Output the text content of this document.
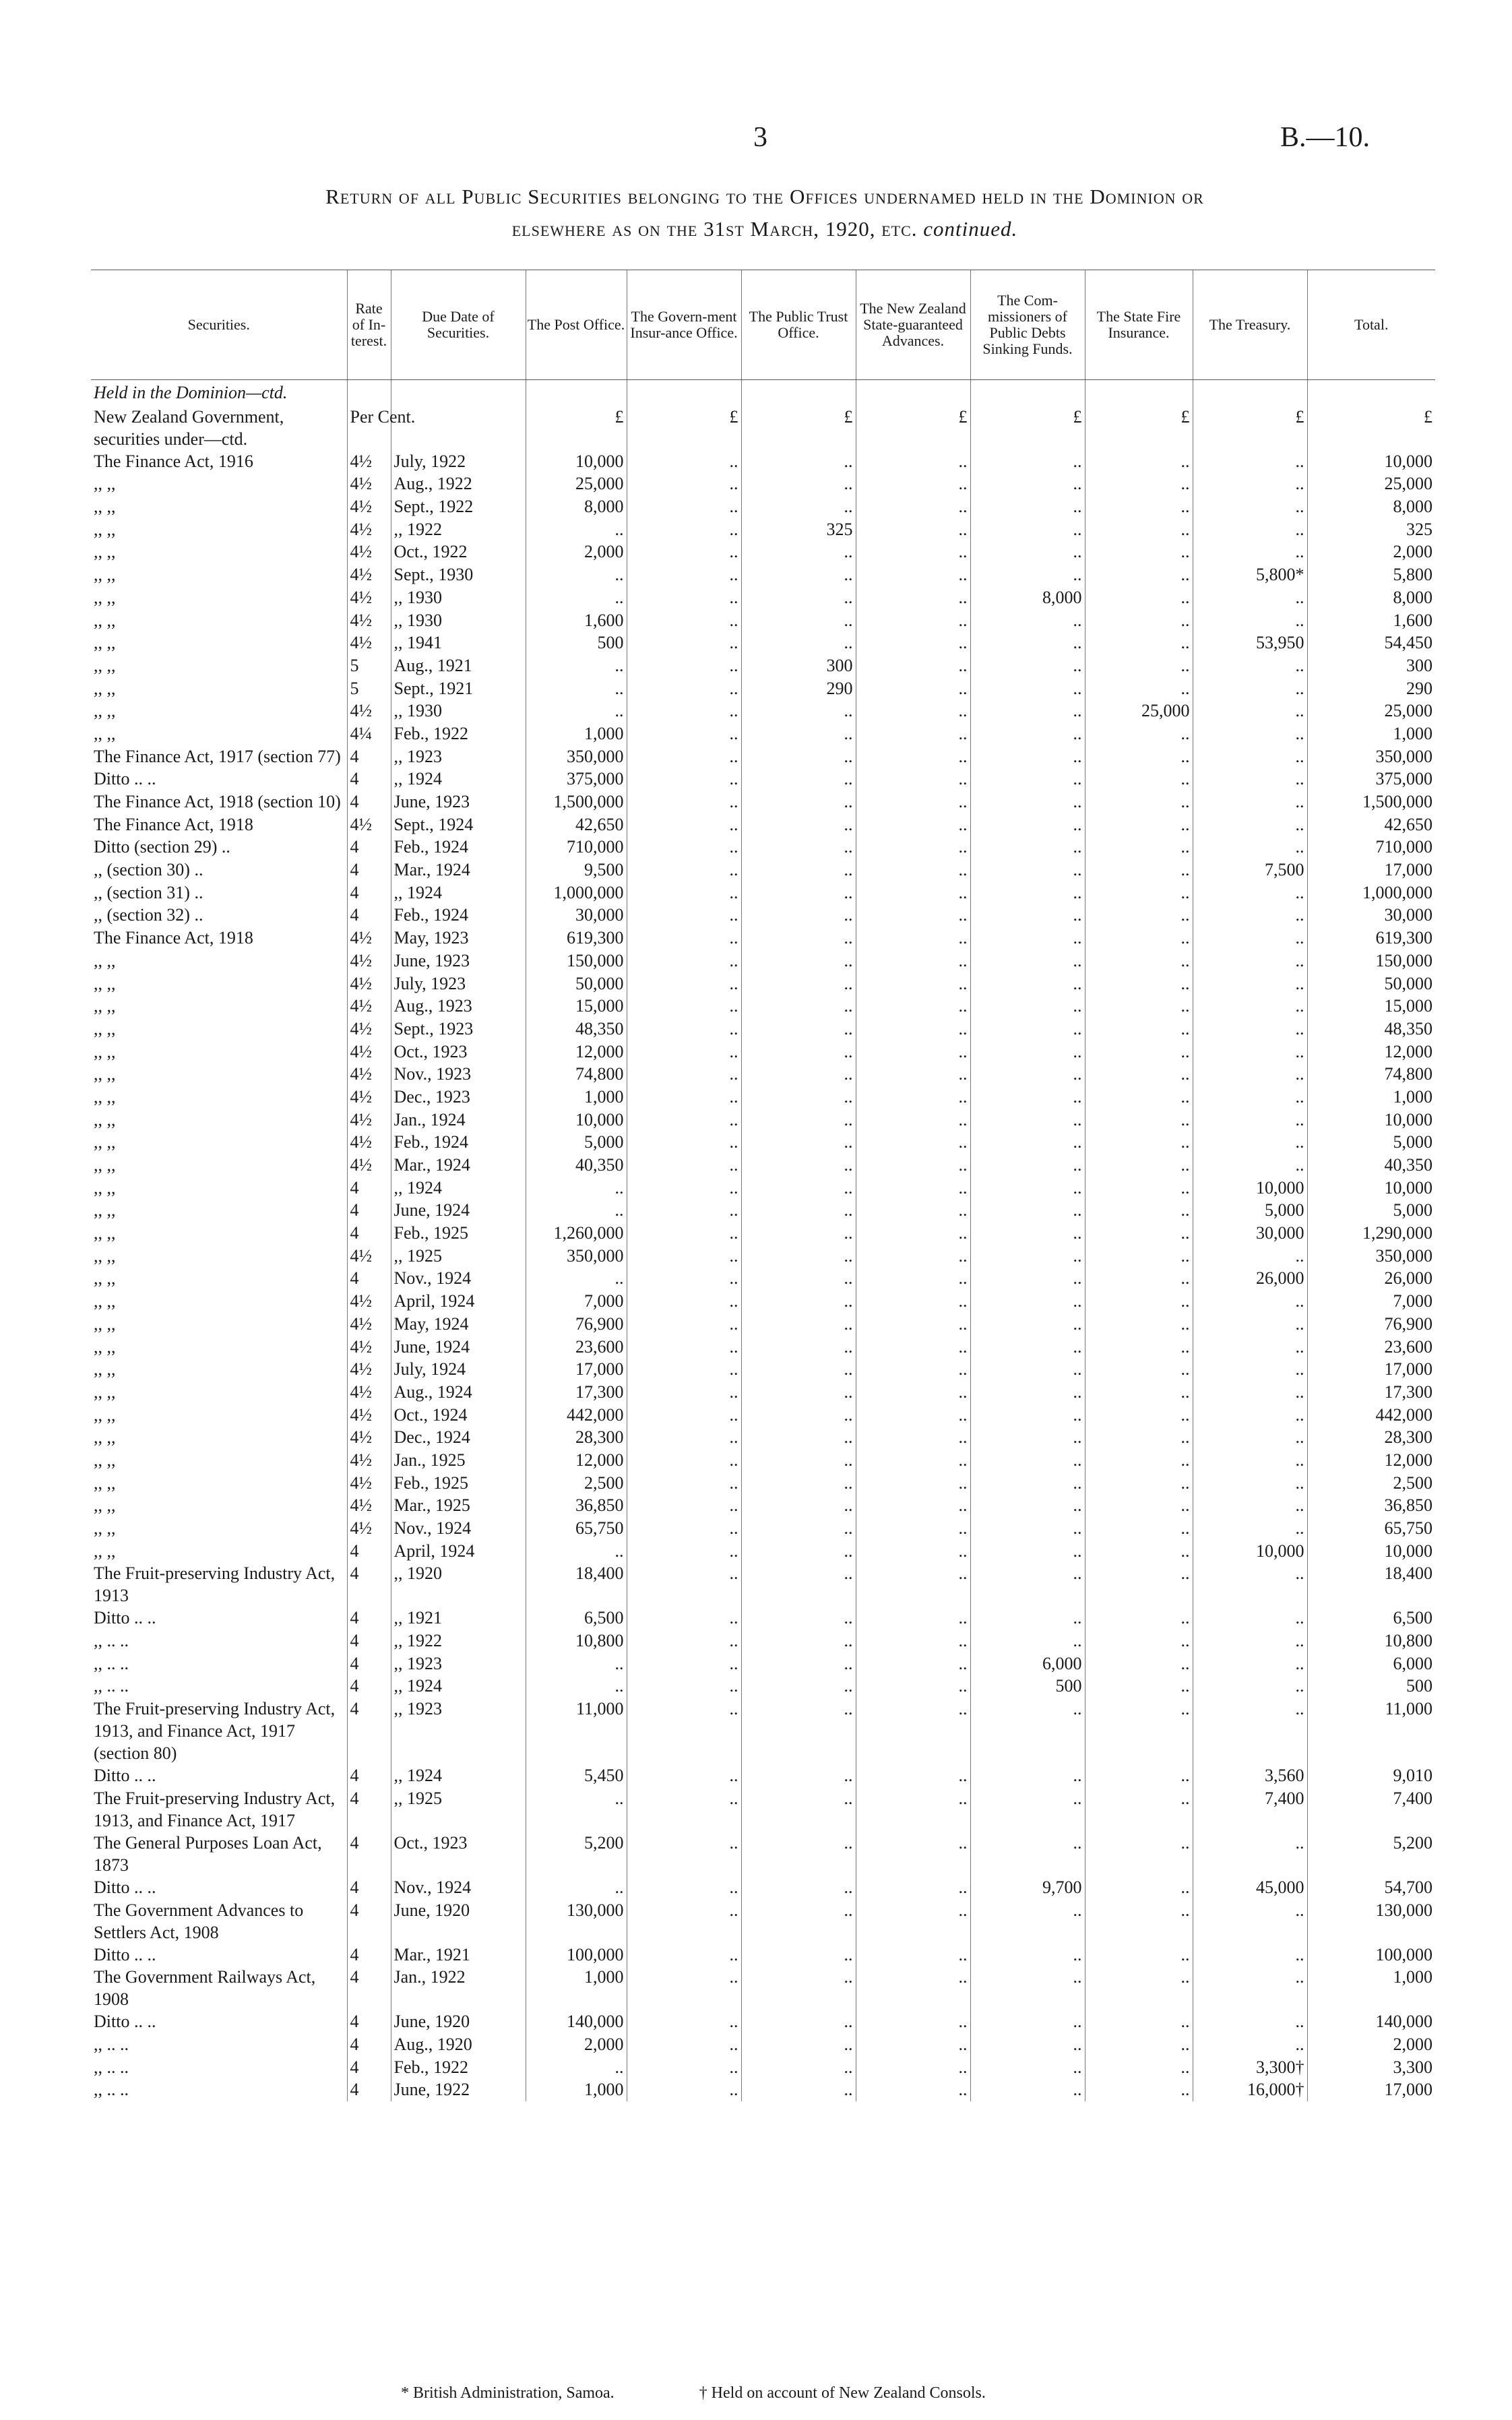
3	B.—10.
Return of all Public Securities belonging to the Offices undernamed held in the Dominion or
elsewhere as on the 31st March, 1920, etc. continued.
Securities.	Rate of In-terest.	Due Date of Securities.	The Post Office.	The Govern-ment Insur-ance Office.	The Public Trust Office.	The New Zealand State-guaranteed Advances.	The Com-missioners of Public Debts Sinking Funds.	The State Fire Insurance.	The Treasury.	Total.
Held in the Dominion—ctd.										
New Zealand Government, securities under—ctd.	Per Cent.		£	£	£	£	£	£	£	£
The Finance Act, 1916	4½	July, 1922	10,000	..	..	..	..	..	..	10,000
,, ,,	4½	Aug., 1922	25,000	..	..	..	..	..	..	25,000
,, ,,	4½	Sept., 1922	8,000	..	..	..	..	..	..	8,000
,, ,,	4½	,, 1922	..	..	325	..	..	..	..	325
,, ,,	4½	Oct., 1922	2,000	..	..	..	..	..	..	2,000
,, ,,	4½	Sept., 1930	..	..	..	..	..	..	5,800*	5,800
,, ,,	4½	,, 1930	..	..	..	..	8,000	..	..	8,000
,, ,,	4½	,, 1930	1,600	..	..	..	..	..	..	1,600
,, ,,	4½	,, 1941	500	..	..	..	..	..	53,950	54,450
,, ,,	5	Aug., 1921	..	..	300	..	..	..	..	300
,, ,,	5	Sept., 1921	..	..	290	..	..	..	..	290
,, ,,	4½	,, 1930	..	..	..	..	..	25,000	..	25,000
,, ,,	4¼	Feb., 1922	1,000	..	..	..	..	..	..	1,000
The Finance Act, 1917 (section 77)	4	,, 1923	350,000	..	..	..	..	..	..	350,000
Ditto .. ..	4	,, 1924	375,000	..	..	..	..	..	..	375,000
The Finance Act, 1918 (section 10)	4	June, 1923	1,500,000	..	..	..	..	..	..	1,500,000
The Finance Act, 1918	4½	Sept., 1924	42,650	..	..	..	..	..	..	42,650
Ditto (section 29) ..	4	Feb., 1924	710,000	..	..	..	..	..	..	710,000
,, (section 30) ..	4	Mar., 1924	9,500	..	..	..	..	..	7,500	17,000
,, (section 31) ..	4	,, 1924	1,000,000	..	..	..	..	..	..	1,000,000
,, (section 32) ..	4	Feb., 1924	30,000	..	..	..	..	..	..	30,000
The Finance Act, 1918	4½	May, 1923	619,300	..	..	..	..	..	..	619,300
,, ,,	4½	June, 1923	150,000	..	..	..	..	..	..	150,000
,, ,,	4½	July, 1923	50,000	..	..	..	..	..	..	50,000
,, ,,	4½	Aug., 1923	15,000	..	..	..	..	..	..	15,000
,, ,,	4½	Sept., 1923	48,350	..	..	..	..	..	..	48,350
,, ,,	4½	Oct., 1923	12,000	..	..	..	..	..	..	12,000
,, ,,	4½	Nov., 1923	74,800	..	..	..	..	..	..	74,800
,, ,,	4½	Dec., 1923	1,000	..	..	..	..	..	..	1,000
,, ,,	4½	Jan., 1924	10,000	..	..	..	..	..	..	10,000
,, ,,	4½	Feb., 1924	5,000	..	..	..	..	..	..	5,000
,, ,,	4½	Mar., 1924	40,350	..	..	..	..	..	..	40,350
,, ,,	4	,, 1924	..	..	..	..	..	..	10,000	10,000
,, ,,	4	June, 1924	..	..	..	..	..	..	5,000	5,000
,, ,,	4	Feb., 1925	1,260,000	..	..	..	..	..	30,000	1,290,000
,, ,,	4½	,, 1925	350,000	..	..	..	..	..	..	350,000
,, ,,	4	Nov., 1924	..	..	..	..	..	..	26,000	26,000
,, ,,	4½	April, 1924	7,000	..	..	..	..	..	..	7,000
,, ,,	4½	May, 1924	76,900	..	..	..	..	..	..	76,900
,, ,,	4½	June, 1924	23,600	..	..	..	..	..	..	23,600
,, ,,	4½	July, 1924	17,000	..	..	..	..	..	..	17,000
,, ,,	4½	Aug., 1924	17,300	..	..	..	..	..	..	17,300
,, ,,	4½	Oct., 1924	442,000	..	..	..	..	..	..	442,000
,, ,,	4½	Dec., 1924	28,300	..	..	..	..	..	..	28,300
,, ,,	4½	Jan., 1925	12,000	..	..	..	..	..	..	12,000
,, ,,	4½	Feb., 1925	2,500	..	..	..	..	..	..	2,500
,, ,,	4½	Mar., 1925	36,850	..	..	..	..	..	..	36,850
,, ,,	4½	Nov., 1924	65,750	..	..	..	..	..	..	65,750
,, ,,	4	April, 1924	..	..	..	..	..	..	10,000	10,000
The Fruit-preserving Industry Act, 1913	4	,, 1920	18,400	..	..	..	..	..	..	18,400
Ditto .. ..	4	,, 1921	6,500	..	..	..	..	..	..	6,500
,, .. ..	4	,, 1922	10,800	..	..	..	..	..	..	10,800
,, .. ..	4	,, 1923	..	..	..	..	6,000	..	..	6,000
,, .. ..	4	,, 1924	..	..	..	..	500	..	..	500
The Fruit-preserving Industry Act, 1913, and Finance Act, 1917 (section 80)	4	,, 1923	11,000	..	..	..	..	..	..	11,000
Ditto .. ..	4	,, 1924	5,450	..	..	..	..	..	3,560	9,010
The Fruit-preserving Industry Act, 1913, and Finance Act, 1917	4	,, 1925	..	..	..	..	..	..	7,400	7,400
The General Purposes Loan Act, 1873	4	Oct., 1923	5,200	..	..	..	..	..	..	5,200
Ditto .. ..	4	Nov., 1924	..	..	..	..	9,700	..	45,000	54,700
The Government Advances to Settlers Act, 1908	4	June, 1920	130,000	..	..	..	..	..	..	130,000
Ditto .. ..	4	Mar., 1921	100,000	..	..	..	..	..	..	100,000
The Government Railways Act, 1908	4	Jan., 1922	1,000	..	..	..	..	..	..	1,000
Ditto .. ..	4	June, 1920	140,000	..	..	..	..	..	..	140,000
,, .. ..	4	Aug., 1920	2,000	..	..	..	..	..	..	2,000
,, .. ..	4	Feb., 1922	..	..	..	..	..	..	3,300†	3,300
,, .. ..	4	June, 1922	1,000	..	..	..	..	..	16,000†	17,000
* British Administration, Samoa.	† Held on account of New Zealand Consols.
